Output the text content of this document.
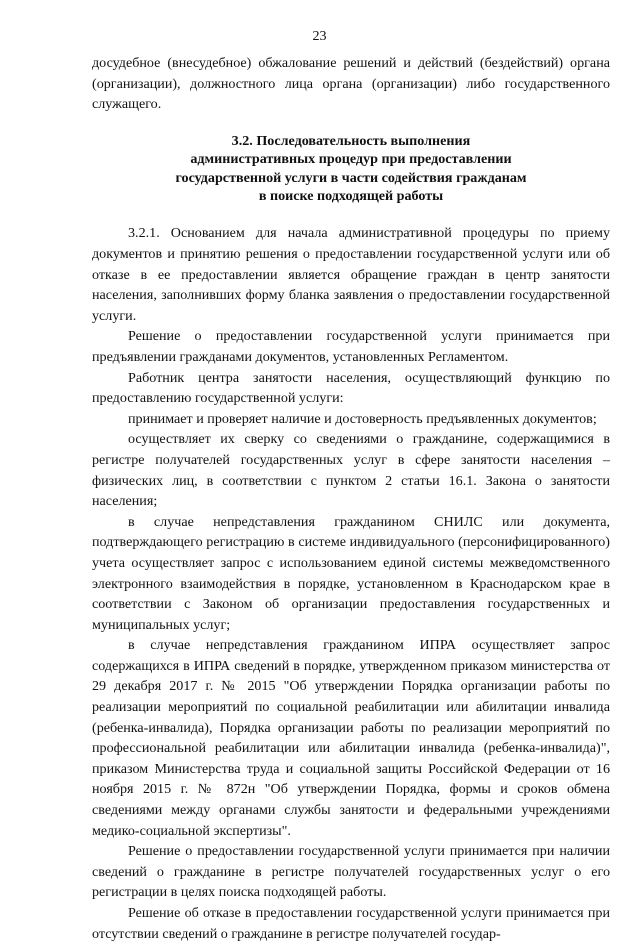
23

досудебное (внесудебное) обжалование решений и действий (бездействий) органа (организации), должностного лица органа (организации) либо государственного служащего.

3.2. Последовательность выполнения
административных процедур при предоставлении
государственной услуги в части содействия гражданам
в поиске подходящей работы

3.2.1. Основанием для начала административной процедуры по приему документов и принятию решения о предоставлении государственной услуги или об отказе в ее предоставлении является обращение граждан в центр занятости населения, заполнивших форму бланка заявления о предоставлении государственной услуги.

Решение о предоставлении государственной услуги принимается при предъявлении гражданами документов, установленных Регламентом.

Работник центра занятости населения, осуществляющий функцию по предоставлению государственной услуги:

принимает и проверяет наличие и достоверность предъявленных документов;

осуществляет их сверку со сведениями о гражданине, содержащимися в регистре получателей государственных услуг в сфере занятости населения – физических лиц, в соответствии с пунктом 2 статьи 16.1. Закона о занятости населения;

в случае непредставления гражданином СНИЛС или документа, подтверждающего регистрацию в системе индивидуального (персонифицированного) учета осуществляет запрос с использованием единой системы межведомственного электронного взаимодействия в порядке, установленном в Краснодарском крае в соответствии с Законом об организации предоставления государственных и муниципальных услуг;

в случае непредставления гражданином ИПРА осуществляет запрос содержащихся в ИПРА сведений в порядке, утвержденном приказом министерства от 29 декабря 2017 г. № 2015 "Об утверждении Порядка организации работы по реализации мероприятий по социальной реабилитации или абилитации инвалида (ребенка-инвалида), Порядка организации работы по реализации мероприятий по профессиональной реабилитации или абилитации инвалида (ребенка-инвалида)", приказом Министерства труда и социальной защиты Российской Федерации от 16 ноября 2015 г. № 872н "Об утверждении Порядка, формы и сроков обмена сведениями между органами службы занятости и федеральными учреждениями медико-социальной экспертизы".

Решение о предоставлении государственной услуги принимается при наличии сведений о гражданине в регистре получателей государственных услуг о его регистрации в целях поиска подходящей работы.

Решение об отказе в предоставлении государственной услуги принимается при отсутствии сведений о гражданине в регистре получателей государ-
